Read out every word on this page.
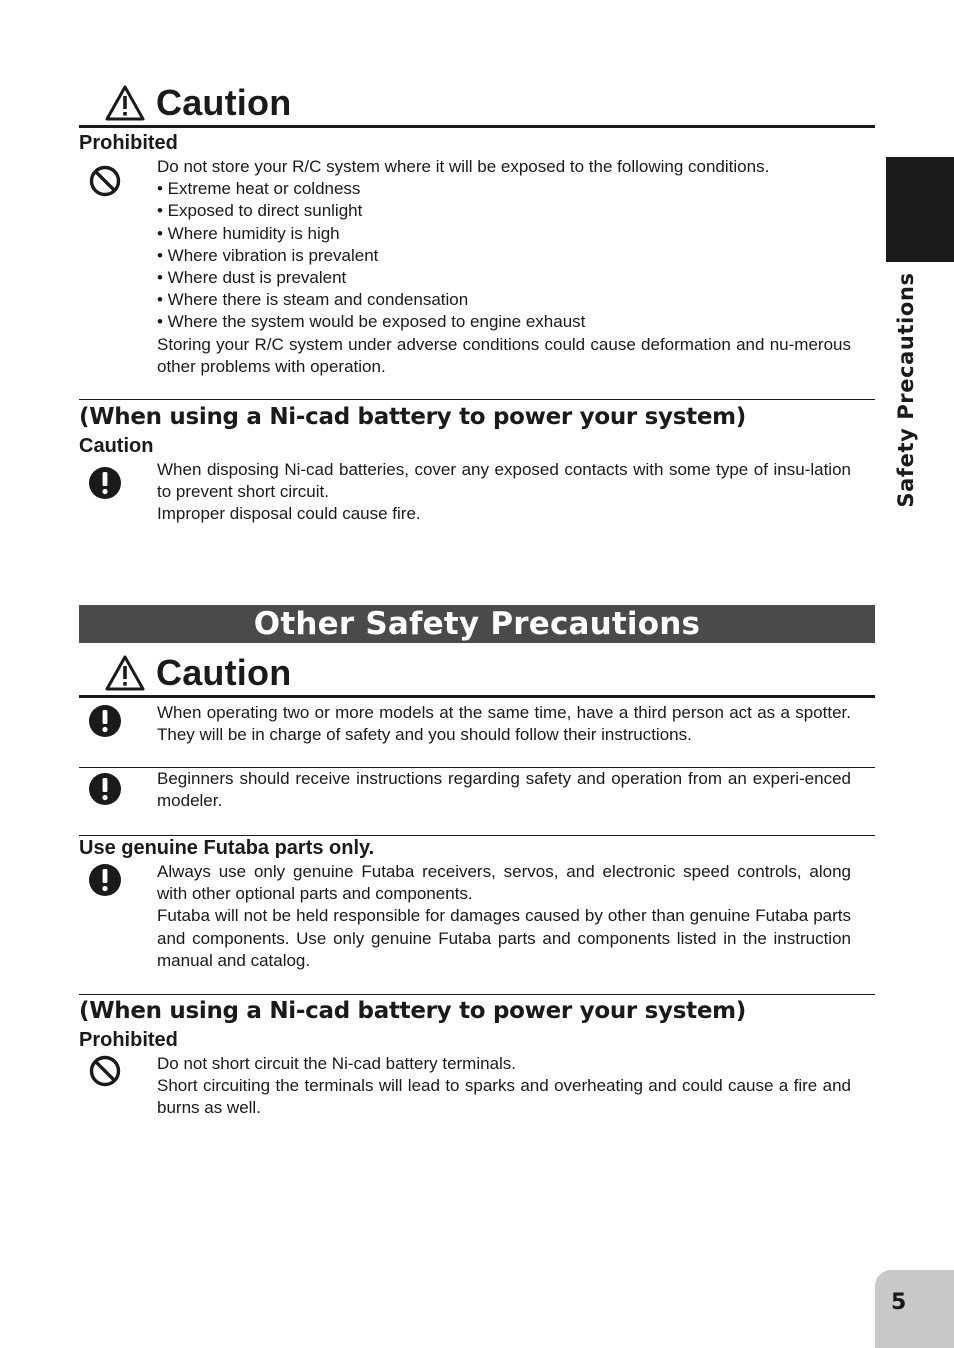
Safety Precautions
Caution
Prohibited

Do not store your R/C system where it will be exposed to the following conditions.

• Extreme heat or coldness

• Exposed to direct sunlight

• Where humidity is high

• Where vibration is prevalent

• Where dust is prevalent

• Where there is steam and condensation

• Where the system would be exposed to engine exhaust

Storing your R/C system under adverse conditions could cause deformation and nu-merous other problems with operation.

(When using a Ni-cad battery to power your system)
Caution

When disposing Ni-cad batteries, cover any exposed contacts with some type of insu-lation to prevent short circuit.

Improper disposal could cause fire.

Other Safety Precautions
Caution

When operating two or more models at the same time, have a third person act as a spotter. They will be in charge of safety and you should follow their instructions.

Beginners should receive instructions regarding safety and operation from an experi-enced modeler.

Use genuine Futaba parts only.

Always use only genuine Futaba receivers, servos, and electronic speed controls, along with other optional parts and components.

Futaba will not be held responsible for damages caused by other than genuine Futaba parts and components. Use only genuine Futaba parts and components listed in the instruction manual and catalog.

(When using a Ni-cad battery to power your system)
Prohibited

Do not short circuit the Ni-cad battery terminals.

Short circuiting the terminals will lead to sparks and overheating and could cause a fire and burns as well.

5
